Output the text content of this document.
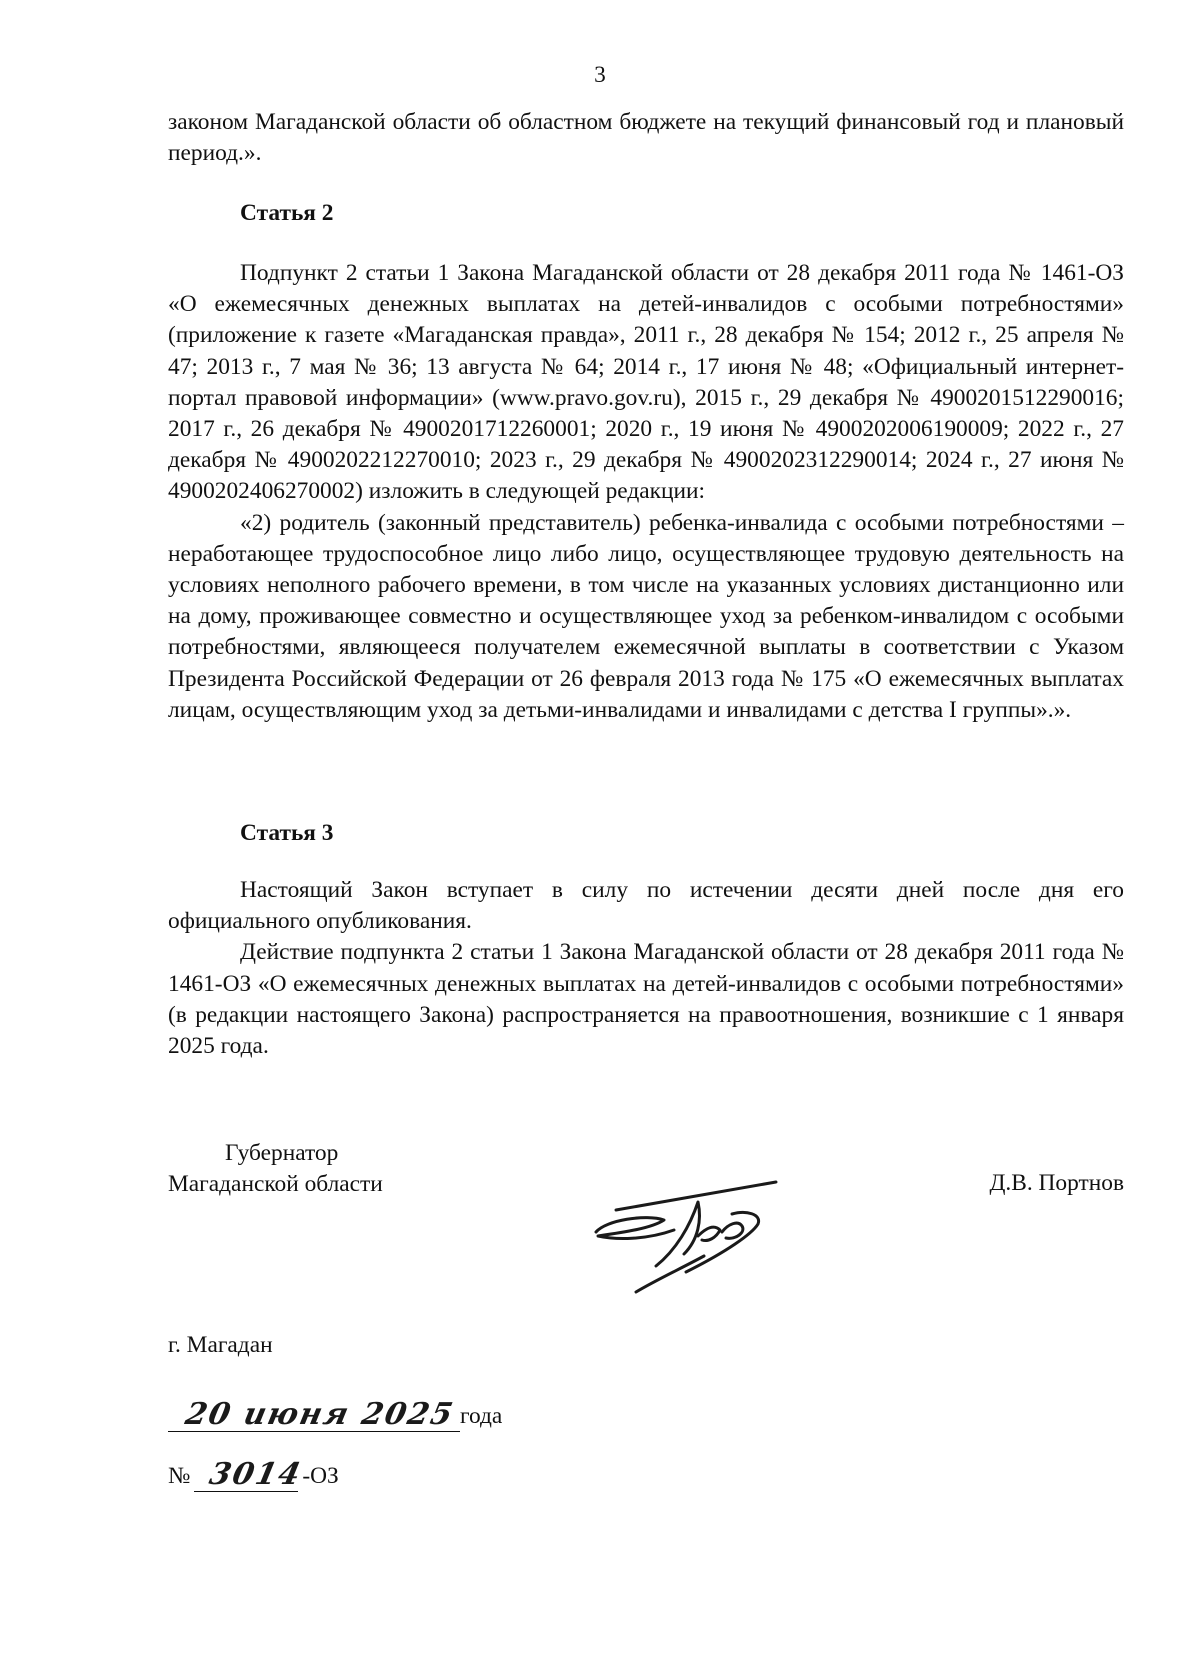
3

законом Магаданской области об областном бюджете на текущий финансовый год и плановый период.».

Статья 2

Подпункт 2 статьи 1 Закона Магаданской области от 28 декабря 2011 года № 1461-ОЗ «О ежемесячных денежных выплатах на детей-инвалидов с особыми потребностями» (приложение к газете «Магаданская правда», 2011 г., 28 декабря № 154; 2012 г., 25 апреля № 47; 2013 г., 7 мая № 36; 13 августа № 64; 2014 г., 17 июня № 48; «Официальный интернет-портал правовой информации» (www.pravo.gov.ru), 2015 г., 29 декабря № 4900201512290016; 2017 г., 26 декабря № 4900201712260001; 2020 г., 19 июня № 4900202006190009; 2022 г., 27 декабря № 4900202212270010; 2023 г., 29 декабря № 4900202312290014; 2024 г., 27 июня № 4900202406270002) изложить в следующей редакции:

«2) родитель (законный представитель) ребенка-инвалида с особыми потребностями – неработающее трудоспособное лицо либо лицо, осуществляющее трудовую деятельность на условиях неполного рабочего времени, в том числе на указанных условиях дистанционно или на дому, проживающее совместно и осуществляющее уход за ребенком-инвалидом с особыми потребностями, являющееся получателем ежемесячной выплаты в соответствии с Указом Президента Российской Федерации от 26 февраля 2013 года № 175 «О ежемесячных выплатах лицам, осуществляющим уход за детьми-инвалидами и инвалидами с детства I группы».».

Статья 3

Настоящий Закон вступает в силу по истечении десяти дней после дня его официального опубликования.

Действие подпункта 2 статьи 1 Закона Магаданской области от 28 декабря 2011 года № 1461-ОЗ «О ежемесячных денежных выплатах на детей-инвалидов с особыми потребностями» (в редакции настоящего Закона) распространяется на правоотношения, возникшие с 1 января 2025 года.

Губернатор
Магаданской области	Д.В. Портнов
г. Магадан
20 июня 2025 года
№ 3014
-ОЗ
